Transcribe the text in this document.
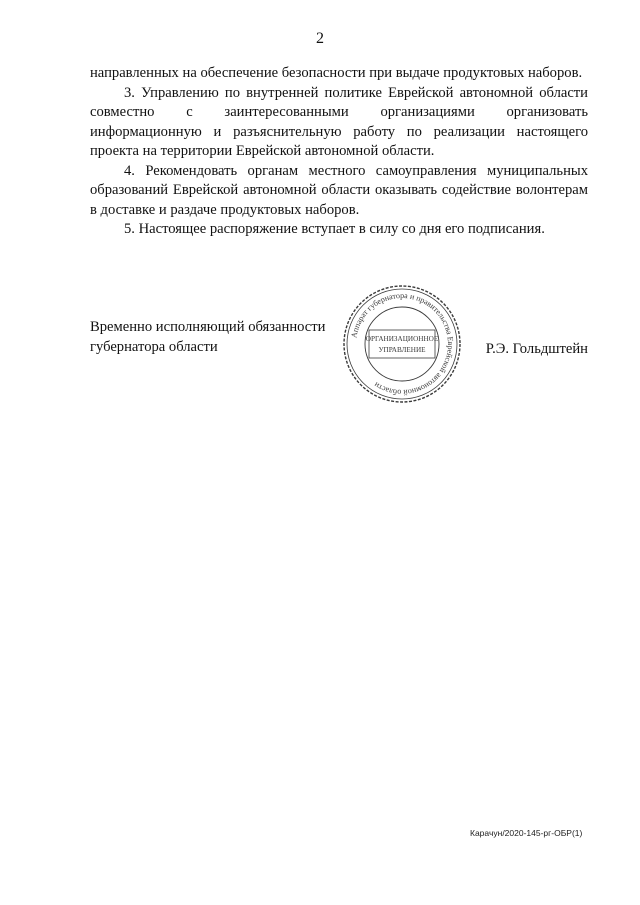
2

направленных на обеспечение безопасности при выдаче продуктовых наборов.

3. Управлению по внутренней политике Еврейской автономной области совместно с заинтересованными организациями организовать информационную и разъяснительную работу по реализации настоящего проекта на территории Еврейской автономной области.

4. Рекомендовать органам местного самоуправления муниципальных образований Еврейской автономной области оказывать содействие волонтерам в доставке и раздаче продуктовых наборов.

5. Настоящее распоряжение вступает в силу со дня его подписания.

Временно исполняющий обязанности
губернатора области	Р.Э. Гольдштейн
Аппарат губернатора и правительства Еврейской автономной области
ОРГАНИЗАЦИОННОЕ
УПРАВЛЕНИЕ
Карачун/2020-145-рг-ОБР(1)
